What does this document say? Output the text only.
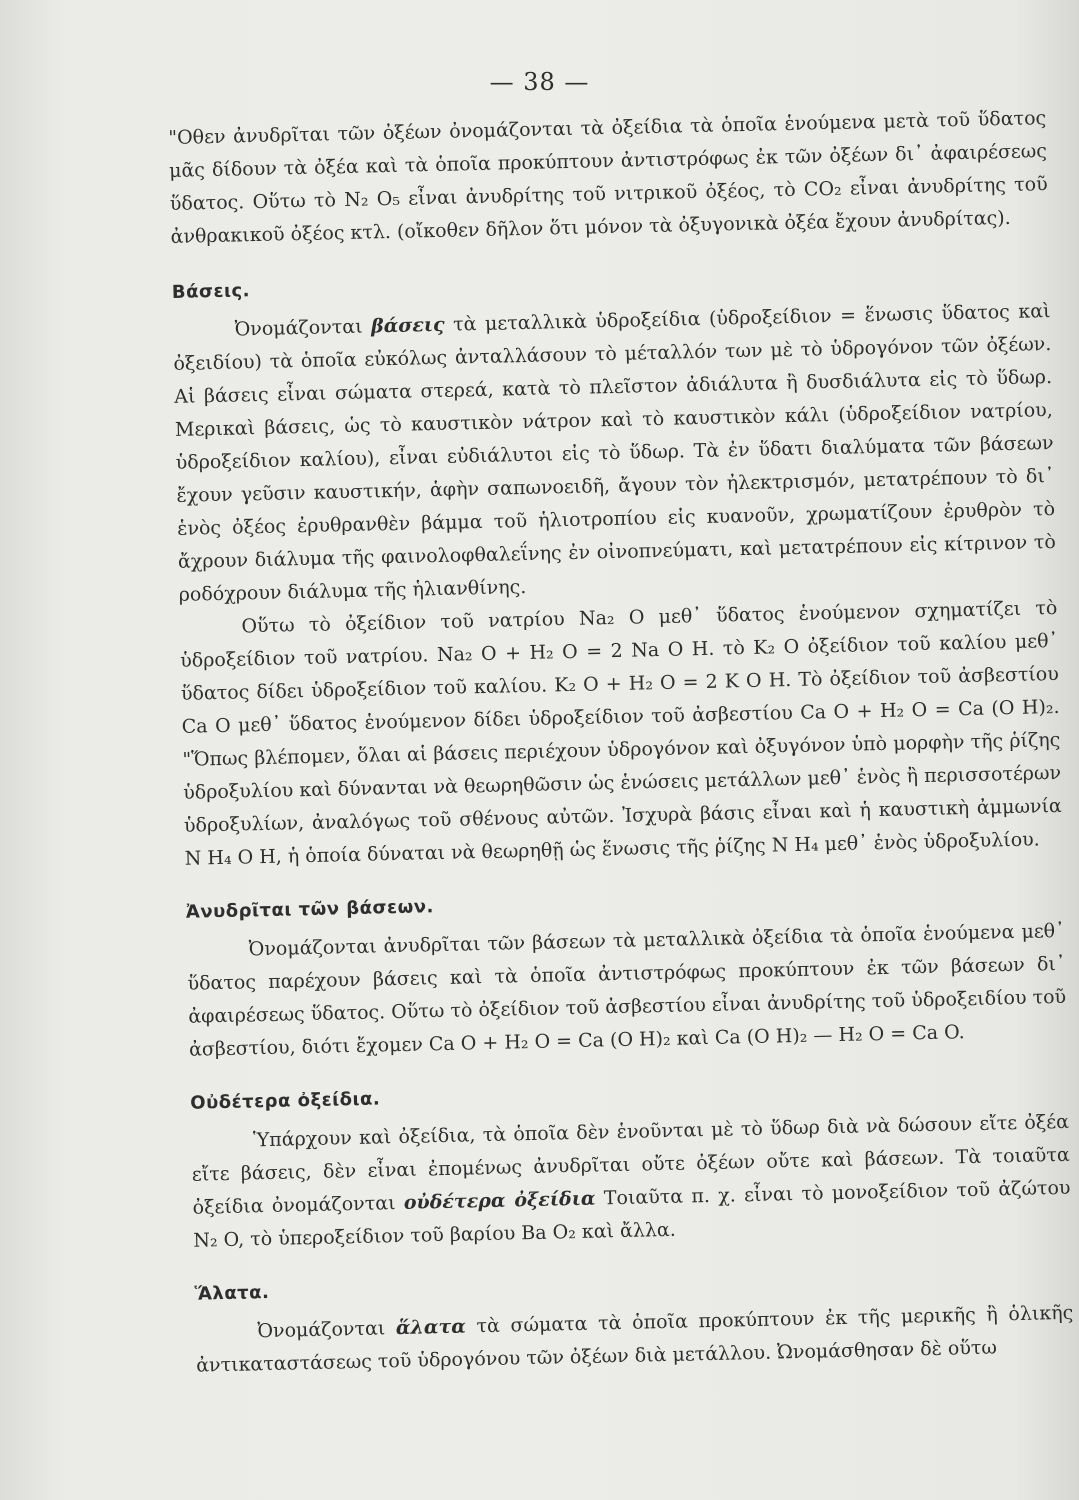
— 38 —

"Οθεν ἀνυδρῖται τῶν ὀξέων ὀνομάζονται τὰ ὀξείδια τὰ ὁποῖα ἑνούμενα μετὰ τοῦ ὕδατος μᾶς δίδουν τὰ ὀξέα καὶ τὰ ὁποῖα προκύπτουν ἀντιστρόφως ἐκ τῶν ὀξέων δι᾽ ἀφαιρέσεως ὕδατος. Οὕτω τὸ N₂ O₅ εἶναι ἀνυδρίτης τοῦ νιτρικοῦ ὀξέος, τὸ CO₂ εἶναι ἀνυδρίτης τοῦ ἀνθρακικοῦ ὀξέος κτλ. (οἴκοθεν δῆλον ὅτι μόνον τὰ ὀξυγονικὰ ὀξέα ἔχουν ἀνυδρίτας).

Βάσεις.

Ὀνομάζονται βάσεις τὰ μεταλλικὰ ὑδροξείδια (ὑδροξείδιον = ἕνωσις ὕδατος καὶ ὀξειδίου) τὰ ὁποῖα εὐκόλως ἀνταλλάσουν τὸ μέταλλόν των μὲ τὸ ὑδρογόνον τῶν ὀξέων. Αἱ βάσεις εἶναι σώματα στερεά, κατὰ τὸ πλεῖστον ἀδιάλυτα ἢ δυσδιάλυτα εἰς τὸ ὕδωρ. Μερικαὶ βάσεις, ὡς τὸ καυστικὸν νάτρον καὶ τὸ καυστικὸν κάλι (ὑδροξείδιον νατρίου, ὑδροξείδιον καλίου), εἶναι εὐδιάλυτοι εἰς τὸ ὕδωρ. Τὰ ἐν ὕδατι διαλύματα τῶν βάσεων ἔχουν γεῦσιν καυστικήν, ἁφὴν σαπωνοειδῆ, ἄγουν τὸν ἠλεκτρισμόν, μετατρέπουν τὸ δι᾽ ἑνὸς ὀξέος ἐρυθρανθὲν βάμμα τοῦ ἡλιοτροπίου εἰς κυανοῦν, χρωματίζουν ἐρυθρὸν τὸ ἄχρουν διάλυμα τῆς φαινολοφθαλεΐνης ἐν οἰνοπνεύματι, καὶ μετατρέπουν εἰς κίτρινον τὸ ροδόχρουν διάλυμα τῆς ἡλιανθίνης.

Οὕτω τὸ ὀξείδιον τοῦ νατρίου Na₂ O μεθ᾽ ὕδατος ἑνούμενον σχηματίζει τὸ ὑδροξείδιον τοῦ νατρίου. Na₂ O + H₂ O = 2 Na O H. τὸ K₂ O ὀξείδιον τοῦ καλίου μεθ᾽ ὕδατος δίδει ὑδροξείδιον τοῦ καλίου. K₂ O + H₂ O = 2 K O H. Τὸ ὀξείδιον τοῦ ἀσβεστίου Ca O μεθ᾽ ὕδατος ἑνούμενον δίδει ὑδροξείδιον τοῦ ἀσβεστίου Ca O + H₂ O = Ca (O H)₂. "Ὅπως βλέπομεν, ὅλαι αἱ βάσεις περιέχουν ὑδρογόνον καὶ ὀξυγόνον ὑπὸ μορφὴν τῆς ῥίζης ὑδροξυλίου καὶ δύνανται νὰ θεωρηθῶσιν ὡς ἑνώσεις μετάλλων μεθ᾽ ἑνὸς ἢ περισσοτέρων ὑδροξυλίων, ἀναλόγως τοῦ σθένους αὐτῶν. Ἰσχυρὰ βάσις εἶναι καὶ ἡ καυστικὴ ἀμμωνία N H₄ O H, ἡ ὁποία δύναται νὰ θεωρηθῇ ὡς ἕνωσις τῆς ῥίζης N H₄ μεθ᾽ ἑνὸς ὑδροξυλίου.

Ἀνυδρῖται τῶν βάσεων.

Ὀνομάζονται ἀνυδρῖται τῶν βάσεων τὰ μεταλλικὰ ὀξείδια τὰ ὁποῖα ἑνούμενα μεθ᾽ ὕδατος παρέχουν βάσεις καὶ τὰ ὁποῖα ἀντιστρόφως προκύπτουν ἐκ τῶν βάσεων δι᾽ ἀφαιρέσεως ὕδατος. Οὕτω τὸ ὀξείδιον τοῦ ἀσβεστίου εἶναι ἀνυδρίτης τοῦ ὑδροξειδίου τοῦ ἀσβεστίου, διότι ἔχομεν Ca O + H₂ O = Ca (O H)₂ καὶ Ca (O H)₂ — H₂ O = Ca O.

Οὐδέτερα ὀξείδια.

Ὑπάρχουν καὶ ὀξείδια, τὰ ὁποῖα δὲν ἑνοῦνται μὲ τὸ ὕδωρ διὰ νὰ δώσουν εἴτε ὀξέα εἴτε βάσεις, δὲν εἶναι ἐπομένως ἀνυδρῖται οὔτε ὀξέων οὔτε καὶ βάσεων. Τὰ τοιαῦτα ὀξείδια ὀνομάζονται οὐδέτερα ὀξείδια Τοιαῦτα π. χ. εἶναι τὸ μονοξείδιον τοῦ ἀζώτου N₂ O, τὸ ὑπεροξείδιον τοῦ βαρίου Ba O₂ καὶ ἄλλα.

Ἅλατα.

Ὀνομάζονται ἅλατα τὰ σώματα τὰ ὁποῖα προκύπτουν ἐκ τῆς μερικῆς ἢ ὁλικῆς ἀντικαταστάσεως τοῦ ὑδρογόνου τῶν ὀξέων διὰ μετάλλου. Ὠνομάσθησαν δὲ οὕτω
